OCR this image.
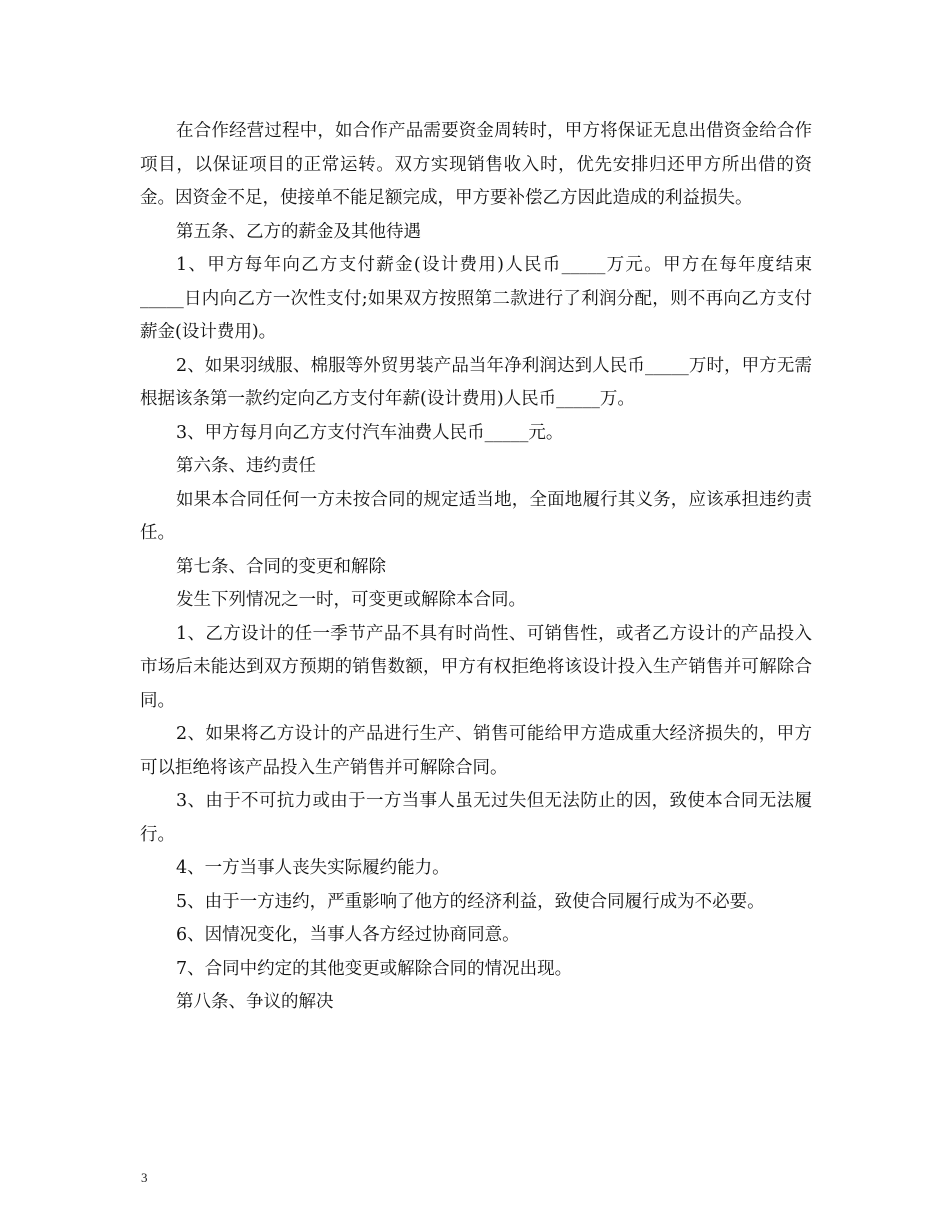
在合作经营过程中，如合作产品需要资金周转时，甲方将保证无息出借资金给合作项目，以保证项目的正常运转。双方实现销售收入时，优先安排归还甲方所出借的资金。因资金不足，使接单不能足额完成，甲方要补偿乙方因此造成的利益损失。

第五条、乙方的薪金及其他待遇

1、甲方每年向乙方支付薪金(设计费用)人民币_____万元。甲方在每年度结束_____日内向乙方一次性支付;如果双方按照第二款进行了利润分配，则不再向乙方支付薪金(设计费用)。

2、如果羽绒服、棉服等外贸男装产品当年净利润达到人民币_____万时，甲方无需根据该条第一款约定向乙方支付年薪(设计费用)人民币_____万。

3、甲方每月向乙方支付汽车油费人民币_____元。

第六条、违约责任

如果本合同任何一方未按合同的规定适当地，全面地履行其义务，应该承担违约责任。

第七条、合同的变更和解除

发生下列情况之一时，可变更或解除本合同。

1、乙方设计的任一季节产品不具有时尚性、可销售性，或者乙方设计的产品投入市场后未能达到双方预期的销售数额，甲方有权拒绝将该设计投入生产销售并可解除合同。

2、如果将乙方设计的产品进行生产、销售可能给甲方造成重大经济损失的，甲方可以拒绝将该产品投入生产销售并可解除合同。

3、由于不可抗力或由于一方当事人虽无过失但无法防止的因，致使本合同无法履行。

4、一方当事人丧失实际履约能力。

5、由于一方违约，严重影响了他方的经济利益，致使合同履行成为不必要。

6、因情况变化，当事人各方经过协商同意。

7、合同中约定的其他变更或解除合同的情况出现。

第八条、争议的解决

3
